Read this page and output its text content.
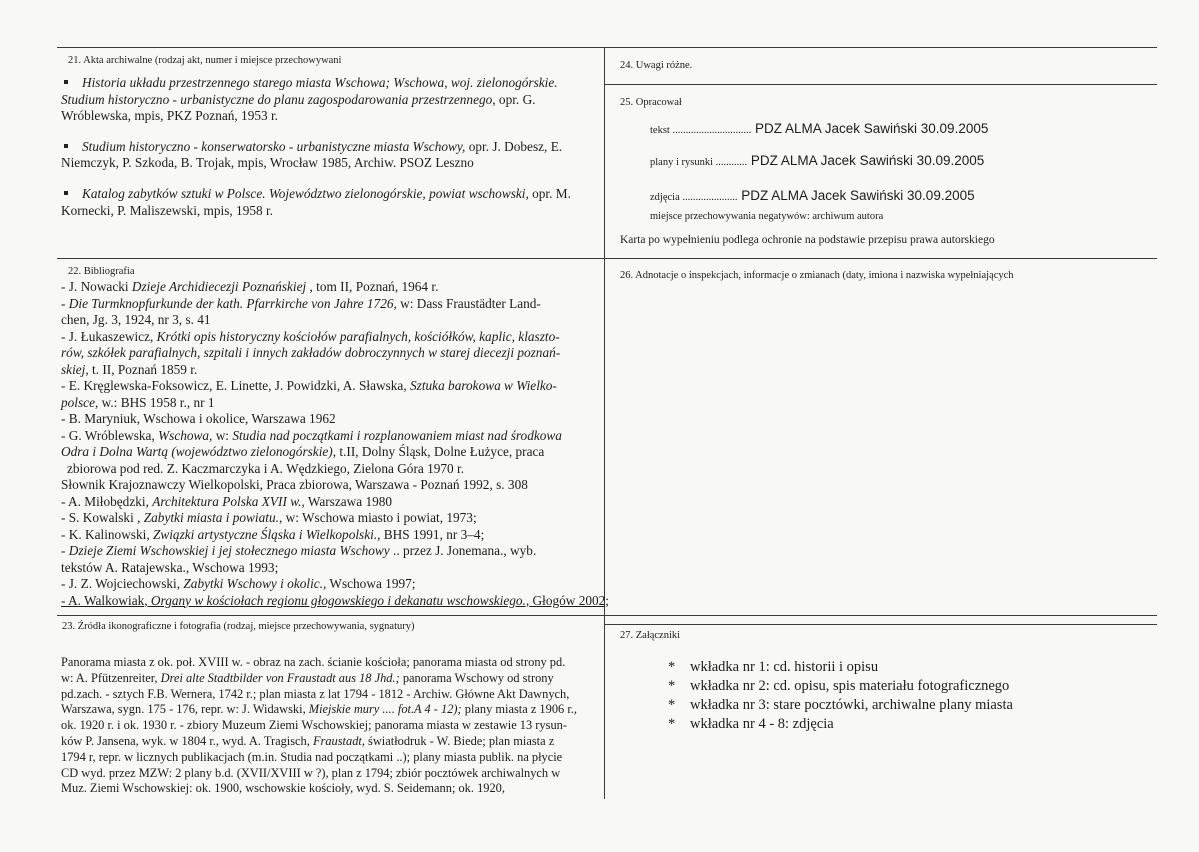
21. Akta archiwalne (rodzaj akt, numer i miejsce przechowywani
Historia układu przestrzennego starego miasta Wschowa; Wschowa, woj. zielonogórskie. Studium historyczno - urbanistyczne do planu zagospodarowania przestrzennego, opr. G. Wróblewska, mpis, PKZ Poznań, 1953 r.
Studium historyczno - konserwatorsko - urbanistyczne miasta Wschowy, opr. J. Dobesz, E. Niemczyk, P. Szkoda, B. Trojak, mpis, Wrocław 1985, Archiw. PSOZ Leszno
Katalog zabytków sztuki w Polsce. Województwo zielonogórskie, powiat wschowski, opr. M. Kornecki, P. Maliszewski, mpis, 1958 r.
22. Bibliografia
- J. Nowacki Dzieje Archidiecezji Poznańskiej , tom II, Poznań, 1964 r.
- Die Turmknopfurkunde der kath. Pfarrkirche von Jahre 1726, w: Dass Fraustädter Land-
chen, Jg. 3, 1924, nr 3, s. 41
- J. Łukaszewicz, Krótki opis historyczny kościołów parafialnych, kościółków, kaplic, klaszto-
rów, szkółek parafialnych, szpitali i innych zakładów dobroczynnych w starej diecezji poznań-
skiej, t. II, Poznań 1859 r.
- E. Kręglewska-Foksowicz, E. Linette, J. Powidzki, A. Sławska, Sztuka barokowa w Wielko-
polsce, w.: BHS 1958 r., nr 1
- B. Maryniuk, Wschowa i okolice, Warszawa 1962
- G. Wróblewska, Wschowa, w: Studia nad początkami i rozplanowaniem miast nad środkowa
Odra i Dolna Wartą (województwo zielonogórskie), t.II, Dolny Śląsk, Dolne Łużyce, praca
zbiorowa pod red. Z. Kaczmarczyka i A. Wędzkiego, Zielona Góra 1970 r.
Słownik Krajoznawczy Wielkopolski, Praca zbiorowa, Warszawa - Poznań 1992, s. 308
- A. Miłobędzki, Architektura Polska XVII w., Warszawa 1980
- S. Kowalski , Zabytki miasta i powiatu., w: Wschowa miasto i powiat, 1973;
- K. Kalinowski, Związki artystyczne Śląska i Wielkopolski., BHS 1991, nr 3–4;
- Dzieje Ziemi Wschowskiej i jej stołecznego miasta Wschowy .. przez J. Jonemana., wyb.
tekstów A. Ratajewska., Wschowa 1993;
- J. Z. Wojciechowski, Zabytki Wschowy i okolic., Wschowa 1997;
- A. Walkowiak, Organy w kościołach regionu głogowskiego i dekanatu wschowskiego., Głogów 2002;
23. Źródła ikonograficzne i fotografia (rodzaj, miejsce przechowywania, sygnatury)
Panorama miasta z ok. poł. XVIII w. - obraz na zach. ścianie kościoła; panorama miasta od strony pd.
w: A. Pfützenreiter, Drei alte Stadtbilder von Fraustadt aus 18 Jhd.; panorama Wschowy od strony
pd.zach. - sztych F.B. Wernera, 1742 r.; plan miasta z lat 1794 - 1812 - Archiw. Główne Akt Dawnych,
Warszawa, sygn. 175 - 176, repr. w: J. Widawski, Miejskie mury .... fot.A 4 - 12); plany miasta z 1906 r.,
ok. 1920 r. i ok. 1930 r. - zbiory Muzeum Ziemi Wschowskiej; panorama miasta w zestawie 13 rysun-
ków P. Jansena, wyk. w 1804 r., wyd. A. Tragisch, Fraustadt, światłodruk - W. Biede; plan miasta z
1794 r, repr. w licznych publikacjach (m.in. Studia nad początkami ..); plany miasta publik. na płycie
CD wyd. przez MZW: 2 plany b.d. (XVII/XVIII w ?), plan z 1794; zbiór pocztówek archiwalnych w
Muz. Ziemi Wschowskiej: ok. 1900, wschowskie kościoły, wyd. S. Seidemann; ok. 1920,
24. Uwagi różne.
25. Opracował
tekst .............................. PDZ ALMA Jacek Sawiński 30.09.2005
plany i rysunki ............ PDZ ALMA Jacek Sawiński 30.09.2005
zdjęcia ..................... PDZ ALMA Jacek Sawiński 30.09.2005
miejsce przechowywania negatywów: archiwum autora
Karta po wypełnieniu podlega ochronie na podstawie przepisu prawa autorskiego
26. Adnotacje o inspekcjach, informacje o zmianach (daty, imiona i nazwiska wypełniających
27. Załączniki
* wkładka nr 1: cd. historii i opisu
* wkładka nr 2: cd. opisu, spis materiału fotograficznego
* wkładka nr 3: stare pocztówki, archiwalne plany miasta
* wkładka nr 4 - 8: zdjęcia
